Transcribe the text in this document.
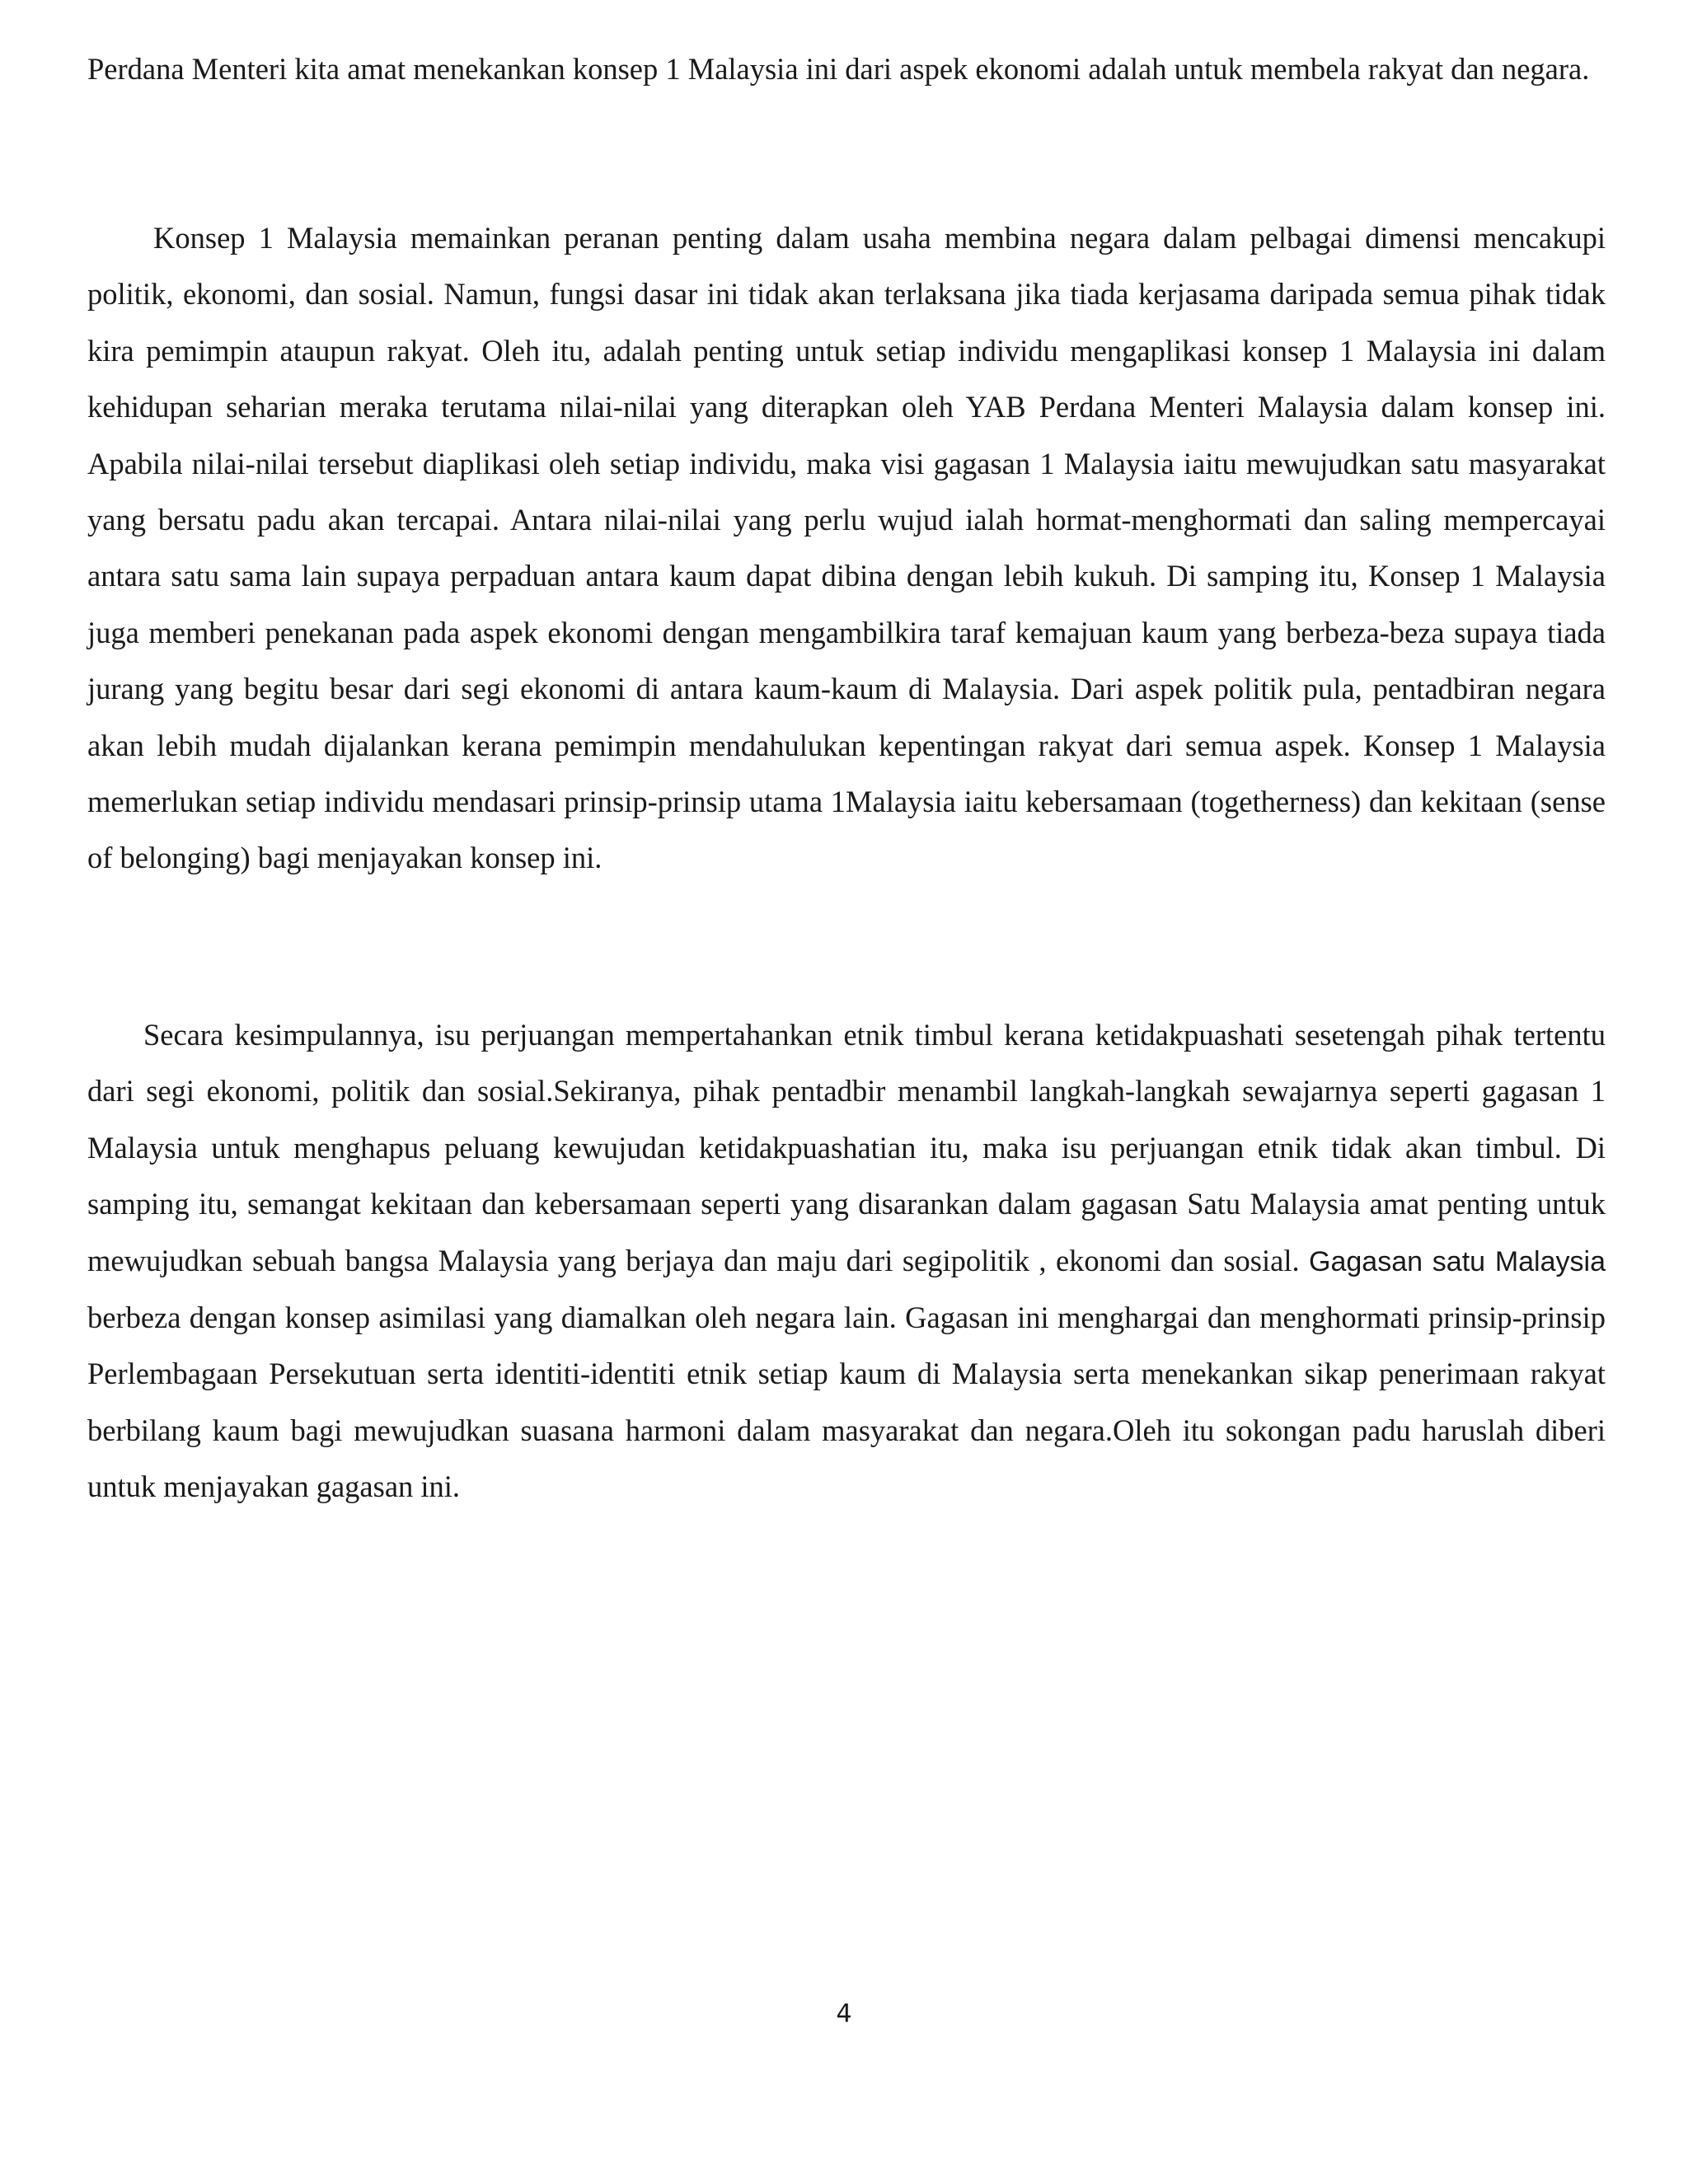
Perdana Menteri kita amat menekankan konsep 1 Malaysia ini dari aspek ekonomi adalah untuk membela rakyat dan negara.

Konsep 1 Malaysia memainkan peranan penting dalam usaha membina negara dalam pelbagai dimensi mencakupi politik, ekonomi, dan sosial. Namun, fungsi dasar ini tidak akan terlaksana jika tiada kerjasama daripada semua pihak tidak kira pemimpin ataupun rakyat. Oleh itu, adalah penting untuk setiap individu mengaplikasi konsep 1 Malaysia ini dalam kehidupan seharian meraka terutama nilai-nilai yang diterapkan oleh YAB Perdana Menteri Malaysia dalam konsep ini. Apabila nilai-nilai tersebut diaplikasi oleh setiap individu, maka visi gagasan 1 Malaysia iaitu mewujudkan satu masyarakat yang bersatu padu akan tercapai. Antara nilai-nilai yang perlu wujud ialah hormat-menghormati dan saling mempercayai antara satu sama lain supaya perpaduan antara kaum dapat dibina dengan lebih kukuh. Di samping itu, Konsep 1 Malaysia juga memberi penekanan pada aspek ekonomi dengan mengambilkira taraf kemajuan kaum yang berbeza-beza supaya tiada jurang yang begitu besar dari segi ekonomi di antara kaum-kaum di Malaysia. Dari aspek politik pula, pentadbiran negara akan lebih mudah dijalankan kerana pemimpin mendahulukan kepentingan rakyat dari semua aspek. Konsep 1 Malaysia memerlukan setiap individu mendasari prinsip-prinsip utama 1Malaysia iaitu kebersamaan (togetherness) dan kekitaan (sense of belonging) bagi menjayakan konsep ini.

Secara kesimpulannya, isu perjuangan mempertahankan etnik timbul kerana ketidakpuashati sesetengah pihak tertentu dari segi ekonomi, politik dan sosial.Sekiranya, pihak pentadbir menambil langkah-langkah sewajarnya seperti gagasan 1 Malaysia untuk menghapus peluang kewujudan ketidakpuashatian itu, maka isu perjuangan etnik tidak akan timbul. Di samping itu, semangat kekitaan dan kebersamaan seperti yang disarankan dalam gagasan Satu Malaysia amat penting untuk mewujudkan sebuah bangsa Malaysia yang berjaya dan maju dari segipolitik , ekonomi dan sosial. Gagasan satu Malaysia berbeza dengan konsep asimilasi yang diamalkan oleh negara lain. Gagasan ini menghargai dan menghormati prinsip-prinsip Perlembagaan Persekutuan serta identiti-identiti etnik setiap kaum di Malaysia serta menekankan sikap penerimaan rakyat berbilang kaum bagi mewujudkan suasana harmoni dalam masyarakat dan negara.Oleh itu sokongan padu haruslah diberi untuk menjayakan gagasan ini.

4
